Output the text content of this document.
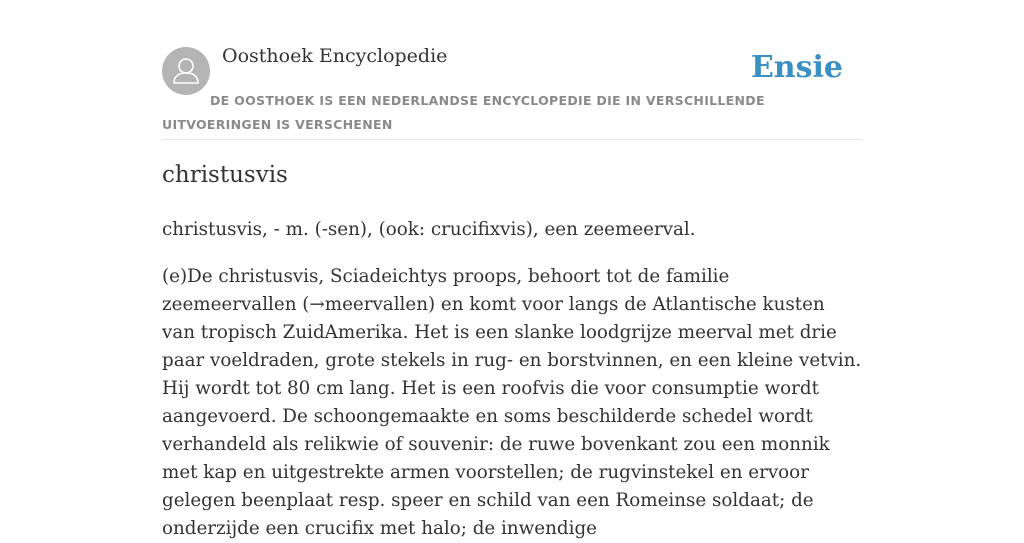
Oosthoek Encyclopedie	Ensie
DE OOSTHOEK IS EEN NEDERLANDSE ENCYCLOPEDIE DIE IN VERSCHILLENDE UITVOERINGEN IS VERSCHENEN
christusvis

christusvis, - m. (-sen), (ook: crucifixvis), een zeemeerval.

(e)De christusvis, Sciadeichtys proops, behoort tot de familie zeemeervallen (→meervallen) en komt voor langs de Atlantische kusten van tropisch ZuidAmerika. Het is een slanke loodgrijze meerval met drie paar voeldraden, grote stekels in rug- en borstvinnen, en een kleine vetvin. Hij wordt tot 80 cm lang. Het is een roofvis die voor consumptie wordt aangevoerd. De schoongemaakte en soms beschilderde schedel wordt verhandeld als relikwie of souvenir: de ruwe bovenkant zou een monnik met kap en uitgestrekte armen voorstellen; de rugvinstekel en ervoor gelegen beenplaat resp. speer en schild van een Romeinse soldaat; de onderzijde een crucifix met halo; de inwendige
